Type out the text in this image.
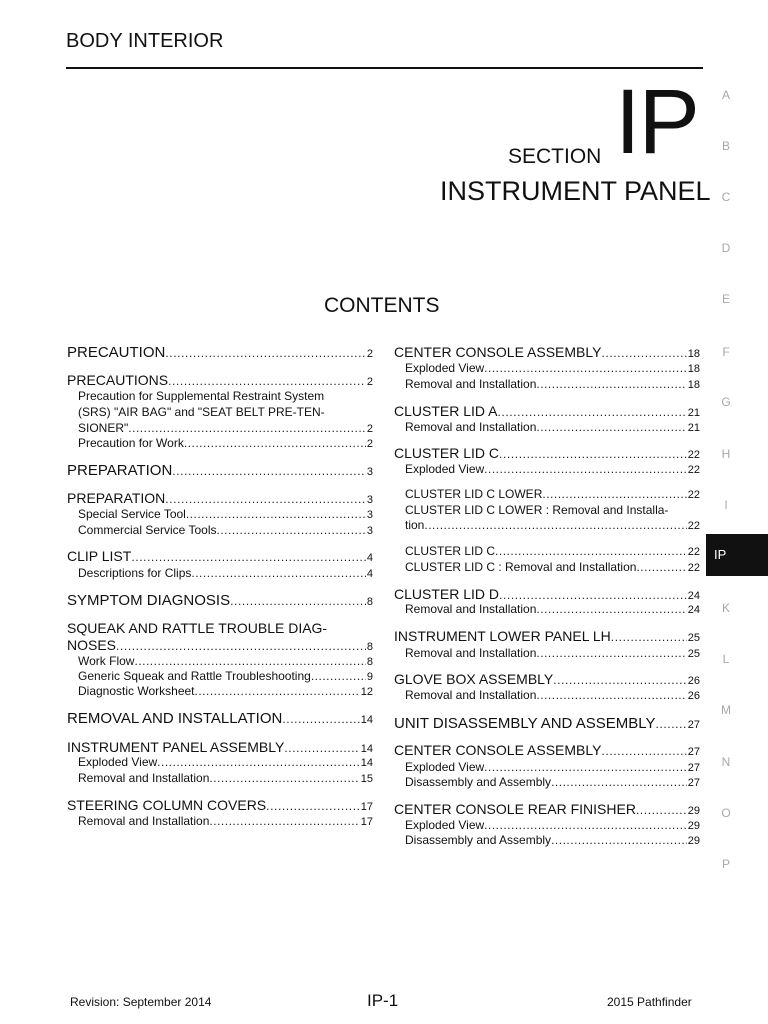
BODY INTERIOR
SECTION IP
INSTRUMENT PANEL
CONTENTS
A
B
C
D
E
F
G
H
I
IP
K
L
M
N
O
P
PRECAUTION .....	2
PRECAUTIONS .....	2
Precaution for Supplemental Restraint System
(SRS) "AIR BAG" and "SEAT BELT PRE-TEN-
SIONER" .....	2
Precaution for Work .....	2
PREPARATION .....	3
PREPARATION .....	3
Special Service Tool .....	3
Commercial Service Tools .....	3
CLIP LIST .....	4
Descriptions for Clips .....	4
SYMPTOM DIAGNOSIS .....	8
SQUEAK AND RATTLE TROUBLE DIAG-
NOSES .....	8
Work Flow .....	8
Generic Squeak and Rattle Troubleshooting .....	9
Diagnostic Worksheet .....	12
REMOVAL AND INSTALLATION .....	14
INSTRUMENT PANEL ASSEMBLY .....	14
Exploded View .....	14
Removal and Installation .....	15
STEERING COLUMN COVERS .....	17
Removal and Installation .....	17
CENTER CONSOLE ASSEMBLY .....	18
Exploded View .....	18
Removal and Installation .....	18
CLUSTER LID A .....	21
Removal and Installation .....	21
CLUSTER LID C .....	22
Exploded View .....	22
CLUSTER LID C LOWER .....	22
CLUSTER LID C LOWER : Removal and Installa-
tion .....	22
CLUSTER LID C .....	22
CLUSTER LID C : Removal and Installation .....	22
CLUSTER LID D .....	24
Removal and Installation .....	24
INSTRUMENT LOWER PANEL LH .....	25
Removal and Installation .....	25
GLOVE BOX ASSEMBLY .....	26
Removal and Installation .....	26
UNIT DISASSEMBLY AND ASSEMBLY .....	27
CENTER CONSOLE ASSEMBLY .....	27
Exploded View .....	27
Disassembly and Assembly .....	27
CENTER CONSOLE REAR FINISHER .....	29
Exploded View .....	29
Disassembly and Assembly .....	29
Revision: September 2014	IP-1	2015 Pathfinder
